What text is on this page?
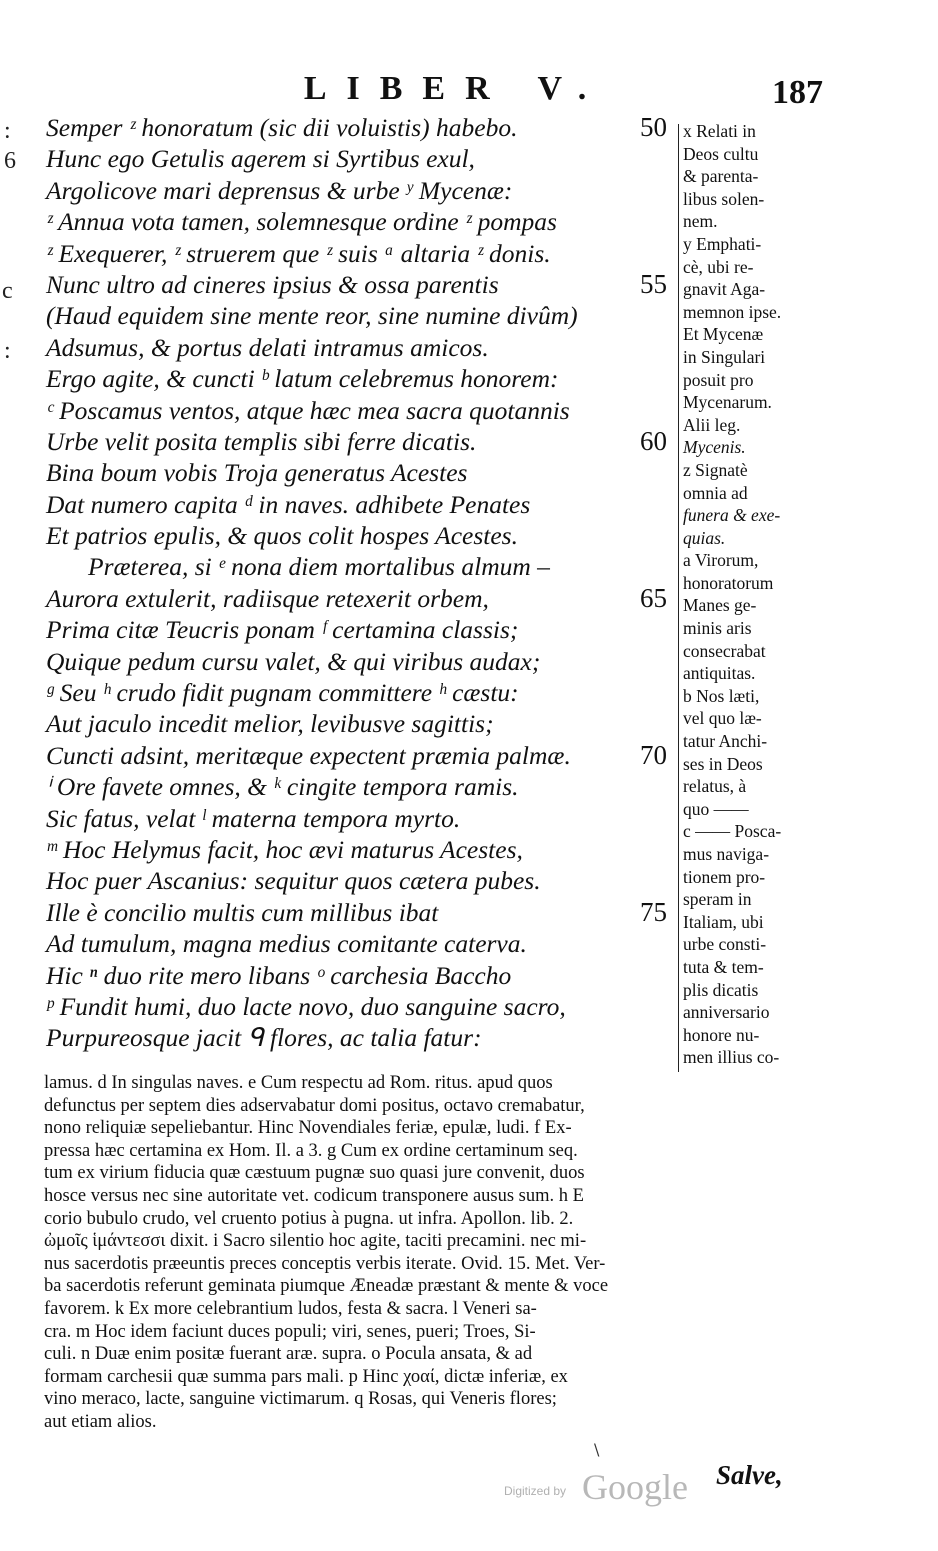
LIBER V.	187
:
6
c
:
Semper ᶻ honoratum (sic dii voluistis) habebo.	50
Hunc ego Getulis agerem si Syrtibus exul,
Argolicove mari deprensus & urbe ʸ Mycenæ:
ᶻ Annua vota tamen, solemnesque ordine ᶻ pompas
ᶻ Exequerer, ᶻ struerem que ᶻ suis ᵃ altaria ᶻ donis.
Nunc ultro ad cineres ipsius & ossa parentis	55
(Haud equidem sine mente reor, sine numine divûm)
Adsumus, & portus delati intramus amicos.
Ergo agite, & cuncti ᵇ latum celebremus honorem:
ᶜ Poscamus ventos, atque hæc mea sacra quotannis
Urbe velit posita templis sibi ferre dicatis.	60
Bina boum vobis Troja generatus Acestes
Dat numero capita ᵈ in naves. adhibete Penates
Et patrios epulis, & quos colit hospes Acestes.
Præterea, si ᵉ nona diem mortalibus almum –
Aurora extulerit, radiisque retexerit orbem,	65
Prima citæ Teucris ponam ᶠ certamina classis;
Quique pedum cursu valet, & qui viribus audax;
ᵍ Seu ʰ crudo fidit pugnam committere ʰ cæstu:
Aut jaculo incedit melior, levibusve sagittis;
Cuncti adsint, meritæque expectent præmia palmæ.	70
ⁱ Ore favete omnes, & ᵏ cingite tempora ramis.
Sic fatus, velat ˡ materna tempora myrto.
ᵐ Hoc Helymus facit, hoc ævi maturus Acestes,
Hoc puer Ascanius: sequitur quos cætera pubes.
Ille è concilio multis cum millibus ibat	75
Ad tumulum, magna medius comitante caterva.
Hic ⁿ duo rite mero libans ᵒ carchesia Baccho
ᵖ Fundit humi, duo lacte novo, duo sanguine sacro,
Purpureosque jacit ᑫ flores, ac talia fatur:
x Relati in
Deos cultu
& parenta-
libus solen-
nem.
y Emphati-
cè, ubi re-
gnavit Aga-
memnon ipse.
Et Mycenæ
in Singulari
posuit pro
Mycenarum.
Alii leg.
Mycenis.
z Signatè
omnia ad
funera & exe-
quias.
a Virorum,
honoratorum
Manes ge-
minis aris
consecrabat
antiquitas.
b Nos læti,
vel quo læ-
tatur Anchi-
ses in Deos
relatus, à
quo ——
c —— Posca-
mus naviga-
tionem pro-
speram in
Italiam, ubi
urbe consti-
tuta & tem-
plis dicatis
anniversario
honore nu-
men illius co-
lamus. d In singulas naves. e Cum respectu ad Rom. ritus. apud quos
defunctus per septem dies adservabatur domi positus, octavo cremabatur,
nono reliquiæ sepeliebantur. Hinc Novendiales feriæ, epulæ, ludi. f Ex-
pressa hæc certamina ex Hom. Il. a 3. g Cum ex ordine certaminum seq.
tum ex virium fiducia quæ cæstuum pugnæ suo quasi jure convenit, duos
hosce versus nec sine autoritate vet. codicum transponere ausus sum. h E
corio bubulo crudo, vel cruento potius à pugna. ut infra. Apollon. lib. 2.
ὠμοῖς ἱμάντεσσι dixit. i Sacro silentio hoc agite, taciti precamini. nec mi-
nus sacerdotis præeuntis preces conceptis verbis iterate. Ovid. 15. Met. Ver-
ba sacerdotis referunt geminata piumque Æneadæ præstant & mente & voce
favorem. k Ex more celebrantium ludos, festa & sacra. l Veneri sa-
cra. m Hoc idem faciunt duces populi; viri, senes, pueri; Troes, Si-
culi. n Duæ enim positæ fuerant aræ. supra. o Pocula ansata, & ad
formam carchesii quæ summa pars mali. p Hinc χοαί, dictæ inferiæ, ex
vino meraco, lacte, sanguine victimarum. q Rosas, qui Veneris flores;
aut etiam alios.
\
Salve,
Digitized by Google
